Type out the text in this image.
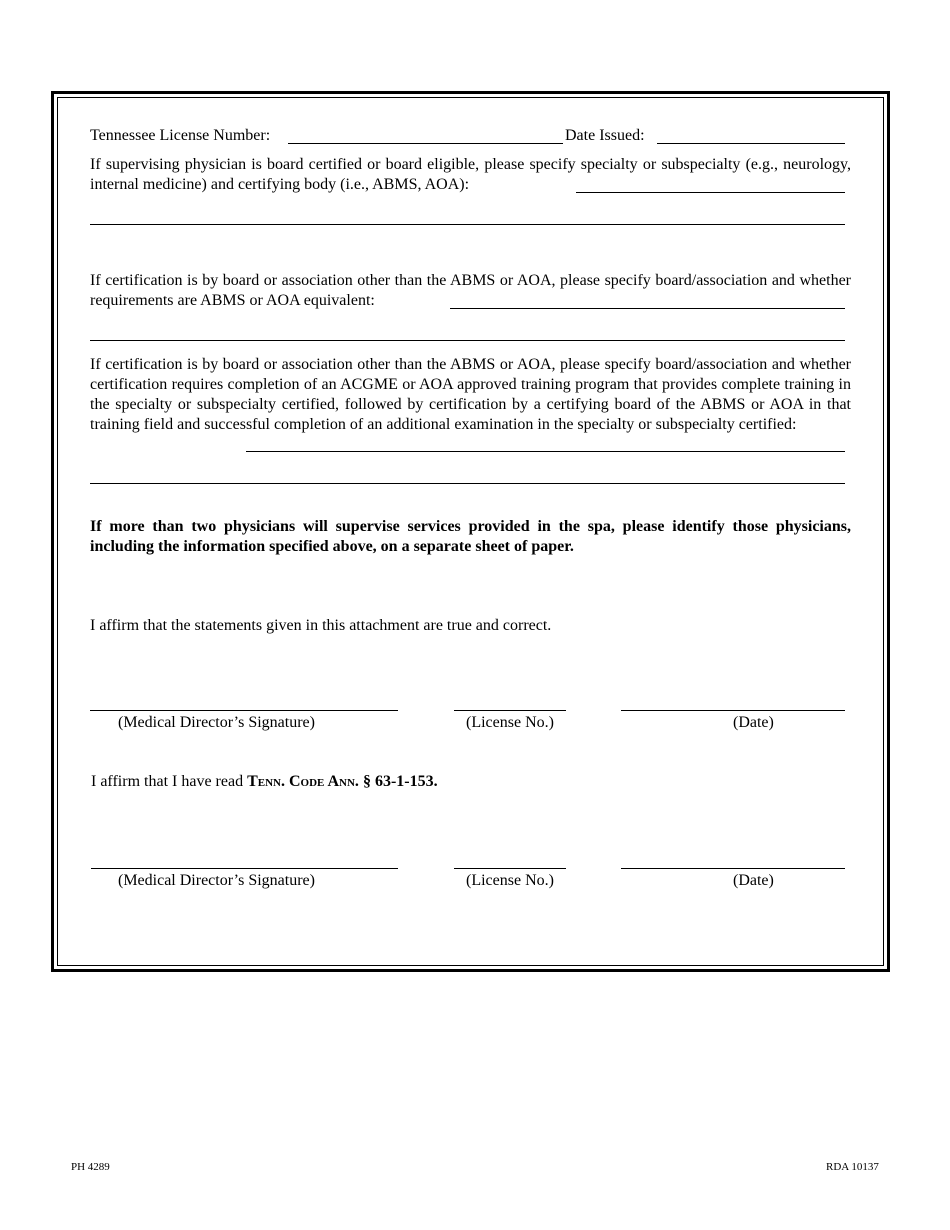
Tennessee License Number:	Date Issued:
If supervising physician is board certified or board eligible, please specify specialty or subspecialty (e.g., neurology, internal medicine) and certifying body (i.e., ABMS, AOA):
If certification is by board or association other than the ABMS or AOA, please specify board/association and whether requirements are ABMS or AOA equivalent:
If certification is by board or association other than the ABMS or AOA, please specify board/association and whether certification requires completion of an ACGME or AOA approved training program that provides complete training in the specialty or subspecialty certified, followed by certification by a certifying board of the ABMS or AOA in that training field and successful completion of an additional examination in the specialty or subspecialty certified:
If more than two physicians will supervise services provided in the spa, please identify those physicians, including the information specified above, on a separate sheet of paper.
I affirm that the statements given in this attachment are true and correct.
(Medical Director’s Signature)	(License No.)	(Date)
I affirm that I have read Tenn. Code Ann. § 63-1-153.
(Medical Director’s Signature)	(License No.)	(Date)
PH 4289	RDA 10137
